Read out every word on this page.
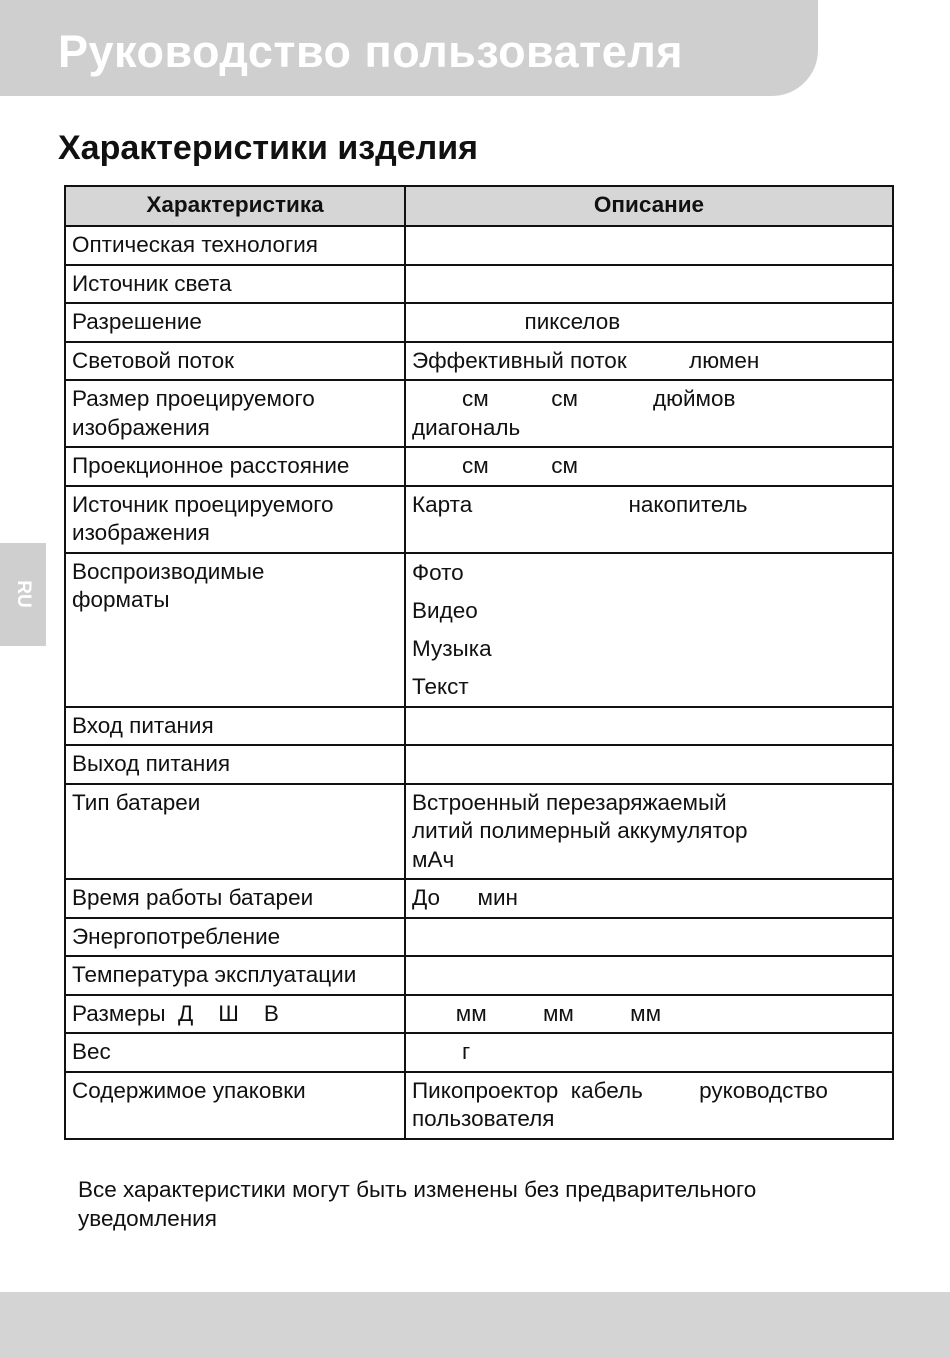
Руководство пользователя
Характеристики изделия
RU
Характеристика	Описание

Оптическая технология	

Источник света	

Разрешение	пикселов

Световой поток	Эффективный поток          люмен

Размер проецируемого
изображения	см          см            дюймов
диагональ

Проекционное расстояние	см          см

Источник проецируемого
изображения	Карта                         накопитель

Воспроизводимые
форматы	Фото
Видео
Музыка
Текст

Вход питания	

Выход питания	

Тип батареи	Встроенный перезаряжаемый
литий полимерный аккумулятор
мАч

Время работы батареи	До      мин

Энергопотребление	

Температура эксплуатации	

Размеры  Д    Ш    В	мм         мм         мм

Вес	г

Содержимое упаковки	Пикопроектор  кабель         руководство
пользователя
Все характеристики могут быть изменены без предварительного уведомления
